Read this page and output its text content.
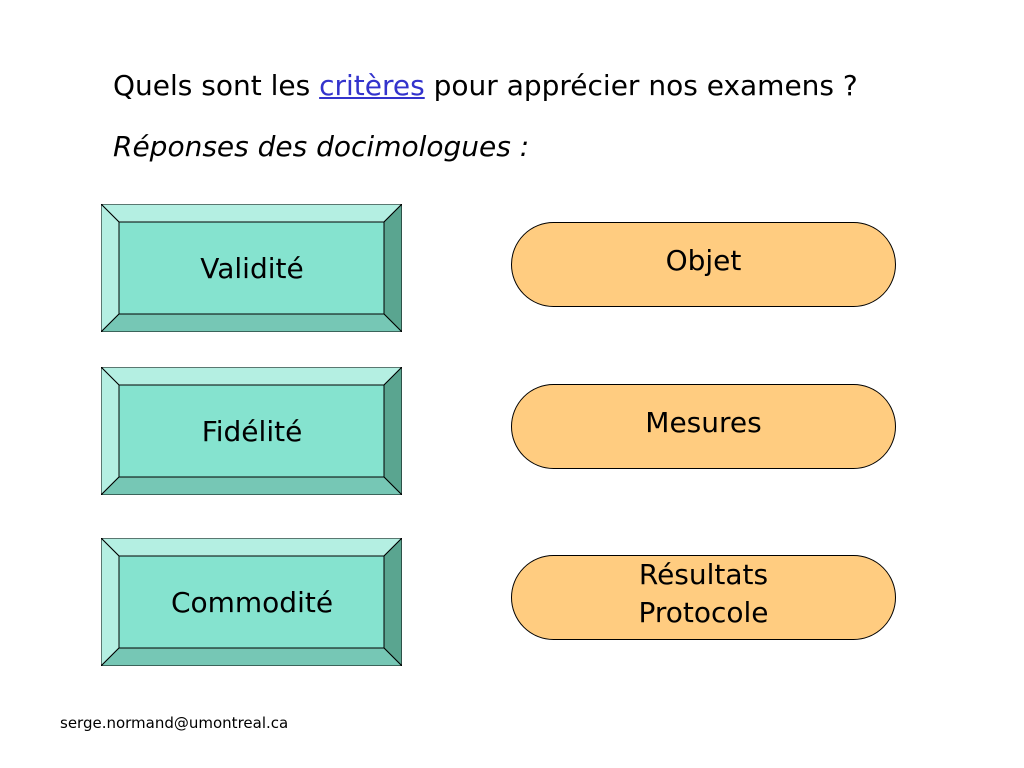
Quels sont les critères pour apprécier nos examens ?
Réponses des docimologues :
Validité
Fidélité
Commodité
Objet
Mesures
Résultats
Protocole
serge.normand@umontreal.ca
